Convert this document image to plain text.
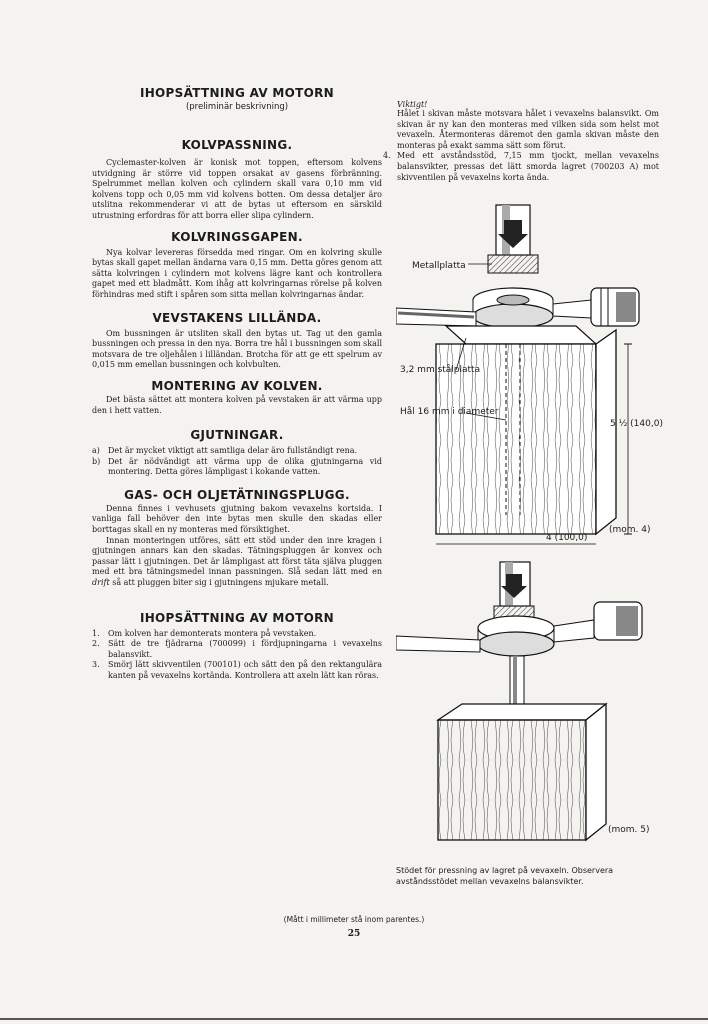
IHOPSÄTTNING AV MOTORN
(preliminär beskrivning)
KOLVPASSNING.

Cyclemaster-kolven är konisk mot toppen, eftersom kolvens utvidgning är större vid toppen orsakat av gasens förbränning. Spelrummet mellan kolven och cylindern skall vara 0,10 mm vid kolvens topp och 0,05 mm vid kolvens botten. Om dessa detaljer äro utslitna rekommenderar vi att de bytas ut eftersom en särskild utrustning erfordras för att borra eller slipa cylindern.

KOLVRINGSGAPEN.

Nya kolvar levereras försedda med ringar. Om en kolvring skulle bytas skall gapet mellan ändarna vara 0,15 mm. Detta göres genom att sätta kolvringen i cylindern mot kolvens lägre kant och kontrollera gapet med ett bladmått. Kom ihåg att kolvringarnas rörelse på kolven förhindras med stift i spåren som sitta mellan kolvringarnas ändar.

VEVSTAKENS LILLÄNDA.

Om bussningen är utsliten skall den bytas ut. Tag ut den gamla bussningen och pressa in den nya. Borra tre hål i bussningen som skall motsvara de tre oljehålen i lilländan. Brotcha för att ge ett spelrum av 0,015 mm emellan bussningen och kolvbulten.

MONTERING AV KOLVEN.

Det bästa sättet att montera kolven på vevstaken är att värma upp den i hett vatten.

GJUTNINGAR.
a) Det är mycket viktigt att samtliga delar äro fullständigt rena.
b) Det är nödvändigt att värma upp de olika gjutningarna vid montering. Detta göres lämpligast i kokande vatten.
GAS- OCH OLJETÄTNINGSPLUGG.

Denna finnes i vevhusets gjutning bakom vevaxelns kortsida. I vanliga fall behöver den inte bytas men skulle den skadas eller borttagas skall en ny monteras med försiktighet.

Innan monteringen utföres, sätt ett stöd under den inre kragen i gjutningen annars kan den skadas. Tätningspluggen är konvex och passar lätt i gjutningen. Det är lämpligast att först täta själva pluggen med ett bra tätningsmedel innan passningen. Slå sedan lätt med en drift så att pluggen biter sig i gjutningens mjukare metall.

IHOPSÄTTNING AV MOTORN
1. Om kolven har demonterats montera på vevstaken.
2. Sätt de tre fjädrarna (700099) i fördjupningarna i vevaxelns balansvikt.
3. Smörj lätt skivventilen (700101) och sätt den på den rektangulära kanten på vevaxelns kortända. Kontrollera att axeln lätt kan röras.
Viktigt!

Hålet i skivan måste motsvara hålet i vevaxelns balansvikt. Om skivan är ny kan den monteras med vilken sida som helst mot vevaxeln. Återmonteras däremot den gamla skivan måste den monteras på exakt samma sätt som förut.

4. Med ett avståndsstöd, 7,15 mm tjockt, mellan vevaxelns balansvikter, pressas det lätt smorda lagret (700203 A) mot skivventilen på vevaxelns korta ända.
Metallplatta
3,2 mm stålplatta
Hål 16 mm i diameter
5 ½ (140,0)
4 (100,0)
(mom. 4)
(mom. 5)
Stödet för pressning av lagret på vevaxeln. Observera avståndsstödet mellan vevaxelns balansvikter.
(Mått i millimeter stå inom parentes.)
25
